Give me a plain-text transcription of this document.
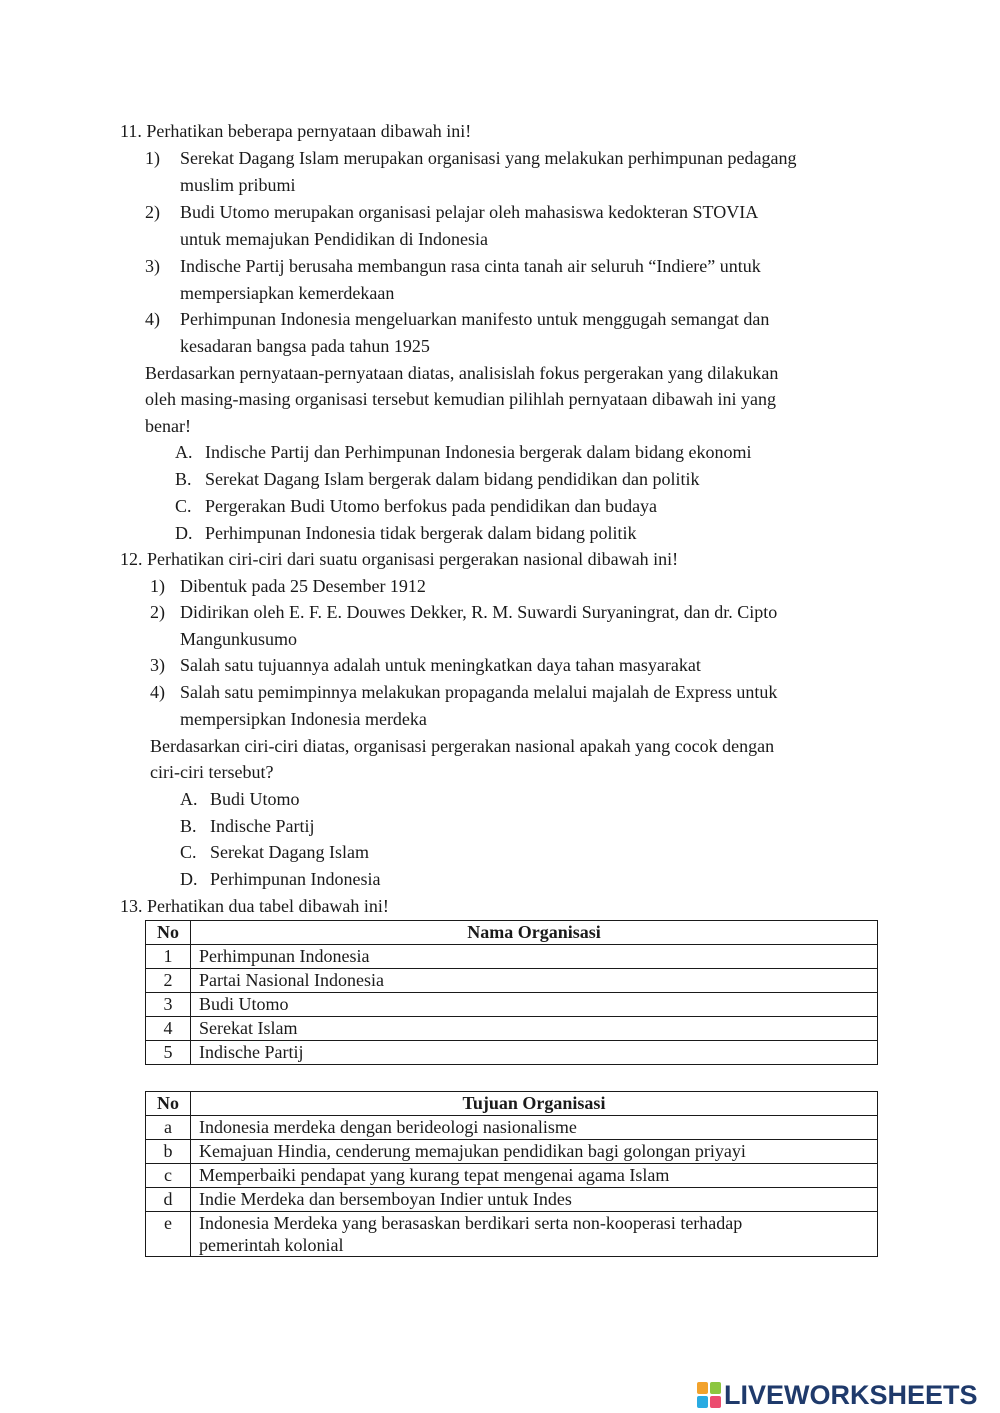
11. Perhatikan beberapa pernyataan dibawah ini!
1) Serekat Dagang Islam merupakan organisasi yang melakukan perhimpunan pedagang
muslim pribumi
2) Budi Utomo merupakan organisasi pelajar oleh mahasiswa kedokteran STOVIA
untuk memajukan Pendidikan di Indonesia
3) Indische Partij berusaha membangun rasa cinta tanah air seluruh “Indiere” untuk
mempersiapkan kemerdekaan
4) Perhimpunan Indonesia mengeluarkan manifesto untuk menggugah semangat dan
kesadaran bangsa pada tahun 1925
Berdasarkan pernyataan-pernyataan diatas, analisislah fokus pergerakan yang dilakukan
oleh masing-masing organisasi tersebut kemudian pilihlah pernyataan dibawah ini yang
benar!
A. Indische Partij dan Perhimpunan Indonesia bergerak dalam bidang ekonomi
B. Serekat Dagang Islam bergerak dalam bidang pendidikan dan politik
C. Pergerakan Budi Utomo berfokus pada pendidikan dan budaya
D. Perhimpunan Indonesia tidak bergerak dalam bidang politik
12. Perhatikan ciri-ciri dari suatu organisasi pergerakan nasional dibawah ini!
1) Dibentuk pada 25 Desember 1912
2) Didirikan oleh E. F. E. Douwes Dekker, R. M. Suwardi Suryaningrat, dan dr. Cipto
Mangunkusumo
3) Salah satu tujuannya adalah untuk meningkatkan daya tahan masyarakat
4) Salah satu pemimpinnya melakukan propaganda melalui majalah de Express untuk
mempersipkan Indonesia merdeka
Berdasarkan ciri-ciri diatas, organisasi pergerakan nasional apakah yang cocok dengan
ciri-ciri tersebut?
A. Budi Utomo
B. Indische Partij
C. Serekat Dagang Islam
D. Perhimpunan Indonesia
13. Perhatikan dua tabel dibawah ini!
No	Nama Organisasi
1	Perhimpunan Indonesia
2	Partai Nasional Indonesia
3	Budi Utomo
4	Serekat Islam
5	Indische Partij
No	Tujuan Organisasi
a	Indonesia merdeka dengan berideologi nasionalisme
b	Kemajuan Hindia, cenderung memajukan pendidikan bagi golongan priyayi
c	Memperbaiki pendapat yang kurang tepat mengenai agama Islam
d	Indie Merdeka dan bersemboyan Indier untuk Indes
e	Indonesia Merdeka yang berasaskan berdikari serta non-kooperasi terhadap
pemerintah kolonial
LIVEWORKSHEETS
